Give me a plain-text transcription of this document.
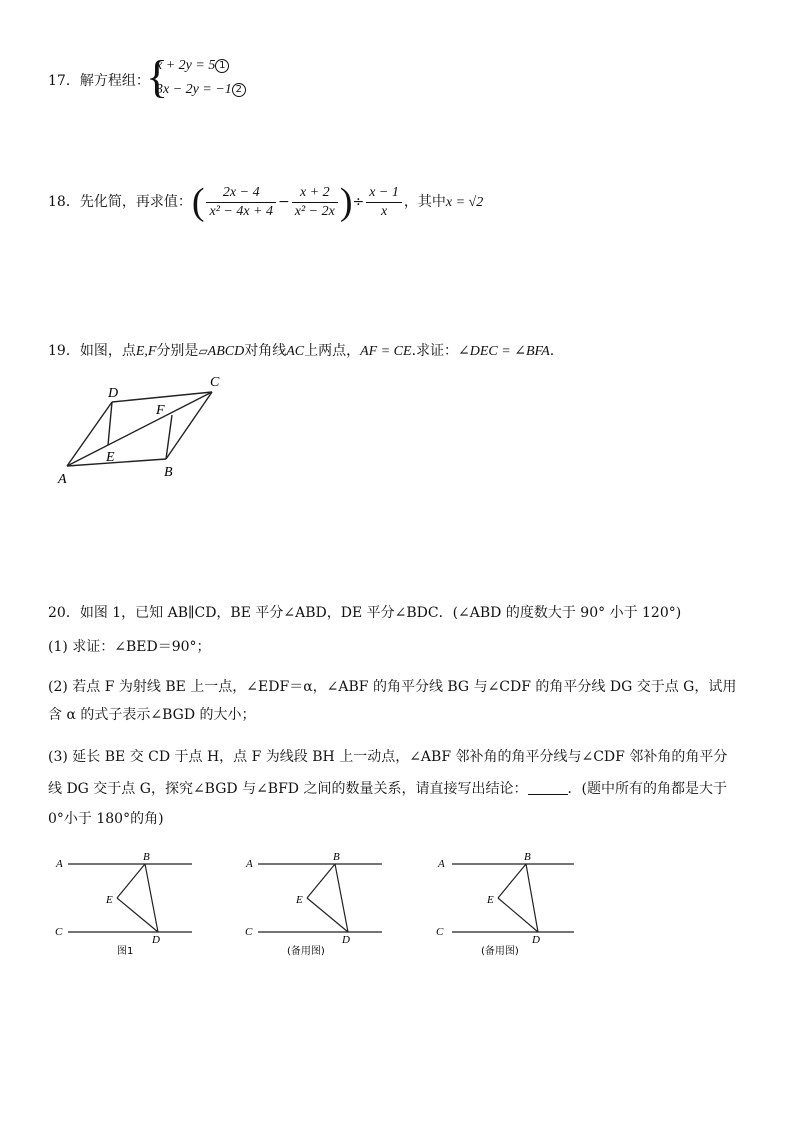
17．解方程组：
{
x + 2y = 5 1
3x − 2y = −1 2
18．先化简，再求值：( $\frac{2x - 4}{\text{x² − 4x + 4}} - \frac{x + 2}{\text{x² − 2x}}$ )÷ $\frac{x - 1}{x}$ ，其中x = √2
19．如图，点E,F分别是▱ABCD对角线AC上两点，AF = CE.求证：∠DEC = ∠BFA.
D
C
F
E
A	B
20．如图 1，已知 AB∥CD，BE 平分∠ABD，DE 平分∠BDC．(∠ABD 的度数大于 90° 小于 120°)
(1) 求证：∠BED＝90°；
(2) 若点 F 为射线 BE 上一点，∠EDF＝α，∠ABF 的角平分线 BG 与∠CDF 的角平分线 DG 交于点 G，试用
含 α 的式子表示∠BGD 的大小；
(3) 延长 BE 交 CD 于点 H，点 F 为线段 BH 上一动点，∠ABF 邻补角的角平分线与∠CDF 邻补角的角平分
线 DG 交于点 G，探究∠BGD 与∠BFD 之间的数量关系，请直接写出结论：	．(题中所有的角都是大于
0°小于 180°的角)
A
B
E
C
D
图1
A
B
E
C
D
(备用图)
A
B
E
C
D
(备用图)
